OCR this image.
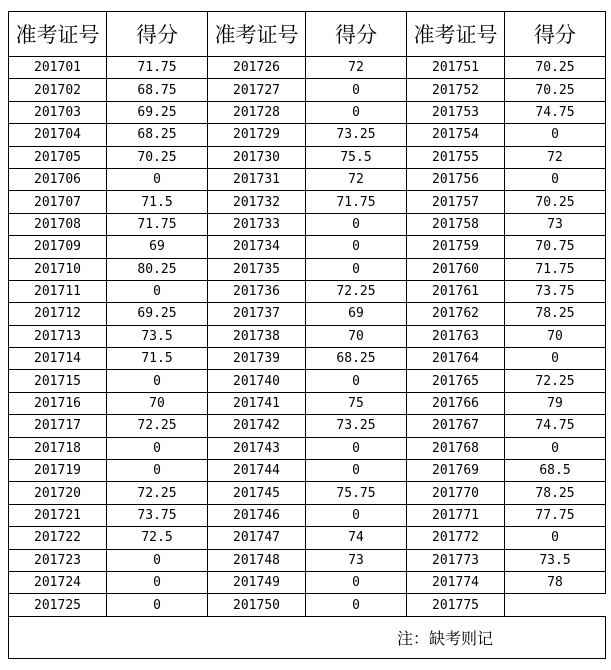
准考证号	得分	准考证号	得分	准考证号	得分
201701	71.75	201726	72	201751	70.25
201702	68.75	201727	0	201752	70.25
201703	69.25	201728	0	201753	74.75
201704	68.25	201729	73.25	201754	0
201705	70.25	201730	75.5	201755	72
201706	0	201731	72	201756	0
201707	71.5	201732	71.75	201757	70.25
201708	71.75	201733	0	201758	73
201709	69	201734	0	201759	70.75
201710	80.25	201735	0	201760	71.75
201711	0	201736	72.25	201761	73.75
201712	69.25	201737	69	201762	78.25
201713	73.5	201738	70	201763	70
201714	71.5	201739	68.25	201764	0
201715	0	201740	0	201765	72.25
201716	70	201741	75	201766	79
201717	72.25	201742	73.25	201767	74.75
201718	0	201743	0	201768	0
201719	0	201744	0	201769	68.5
201720	72.25	201745	75.75	201770	78.25
201721	73.75	201746	0	201771	77.75
201722	72.5	201747	74	201772	0
201723	0	201748	73	201773	73.5
201724	0	201749	0	201774	78
201725	0	201750	0	201775	
注：缺考则记					
